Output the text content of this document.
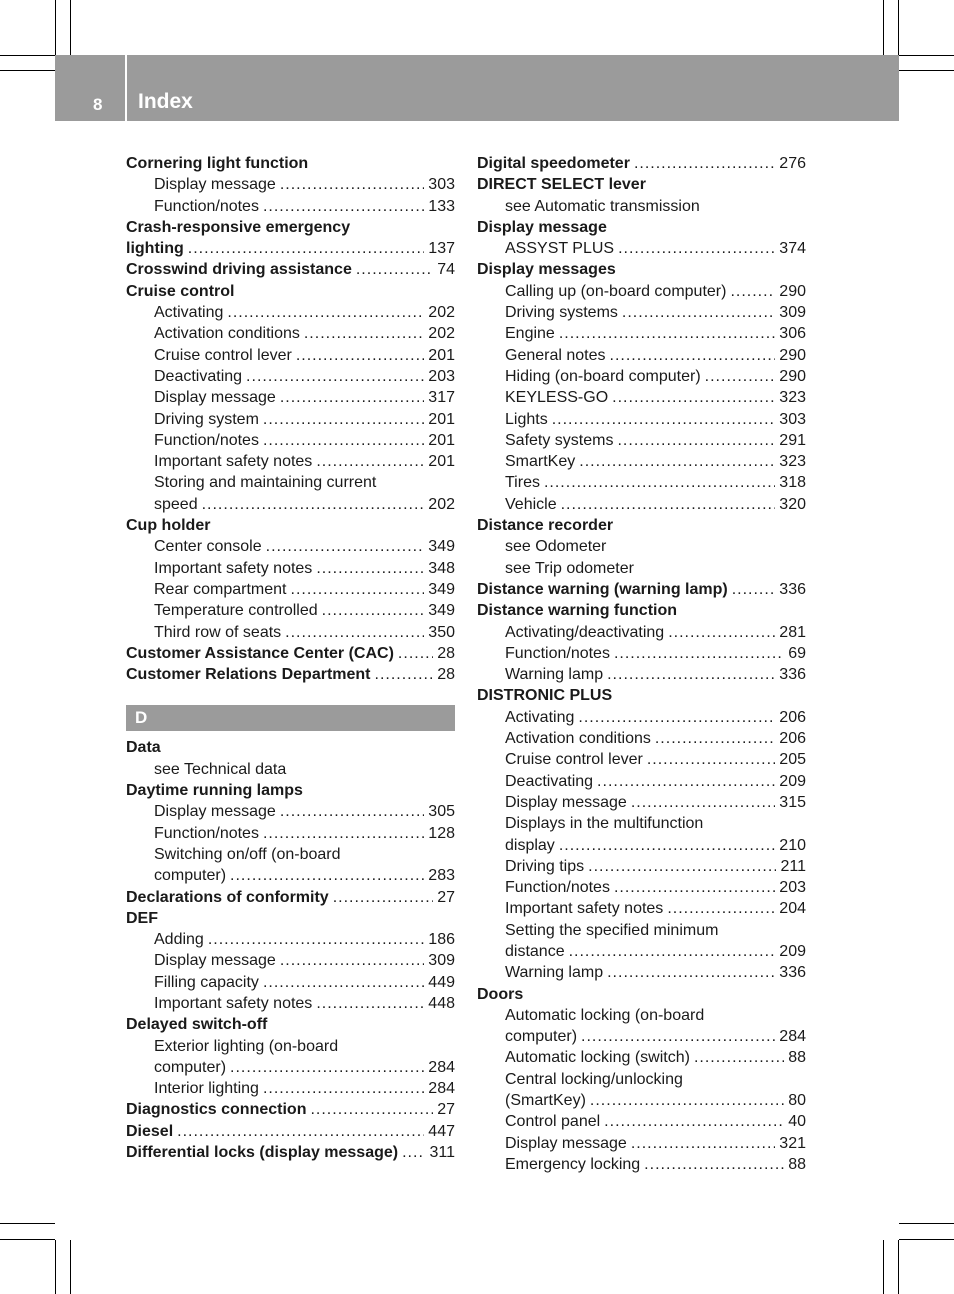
8 Index
Cornering light function
Display message .....	303
Function/notes .....	133
Crash-responsive emergency
lighting .....	137
Crosswind driving assistance .....	74
Cruise control
Activating .....	202
Activation conditions .....	202
Cruise control lever .....	201
Deactivating .....	203
Display message .....	317
Driving system .....	201
Function/notes .....	201
Important safety notes .....	201
Storing and maintaining current
speed .....	202
Cup holder
Center console .....	349
Important safety notes .....	348
Rear compartment .....	349
Temperature controlled .....	349
Third row of seats .....	350
Customer Assistance Center (CAC) .....	28
Customer Relations Department .....	28
D
Data
see Technical data
Daytime running lamps
Display message .....	305
Function/notes .....	128
Switching on/off (on-board
computer) .....	283
Declarations of conformity .....	27
DEF
Adding .....	186
Display message .....	309
Filling capacity .....	449
Important safety notes .....	448
Delayed switch-off
Exterior lighting (on-board
computer) .....	284
Interior lighting .....	284
Diagnostics connection .....	27
Diesel .....	447
Differential locks (display message) ..... 311
Digital speedometer .....	276
DIRECT SELECT lever
see Automatic transmission
Display message
ASSYST PLUS .....	374
Display messages
Calling up (on-board computer) .....	290
Driving systems .....	309
Engine .....	306
General notes .....	290
Hiding (on-board computer) .....	290
KEYLESS-GO .....	323
Lights .....	303
Safety systems .....	291
SmartKey .....	323
Tires .....	318
Vehicle .....	320
Distance recorder
see Odometer
see Trip odometer
Distance warning (warning lamp) .....	336
Distance warning function
Activating/deactivating .....	281
Function/notes .....	69
Warning lamp .....	336
DISTRONIC PLUS
Activating .....	206
Activation conditions .....	206
Cruise control lever .....	205
Deactivating .....	209
Display message .....	315
Displays in the multifunction
display .....	210
Driving tips .....	211
Function/notes .....	203
Important safety notes .....	204
Setting the specified minimum
distance .....	209
Warning lamp .....	336
Doors
Automatic locking (on-board
computer) .....	284
Automatic locking (switch) .....	88
Central locking/unlocking
(SmartKey) .....	80
Control panel .....	40
Display message .....	321
Emergency locking .....	88
